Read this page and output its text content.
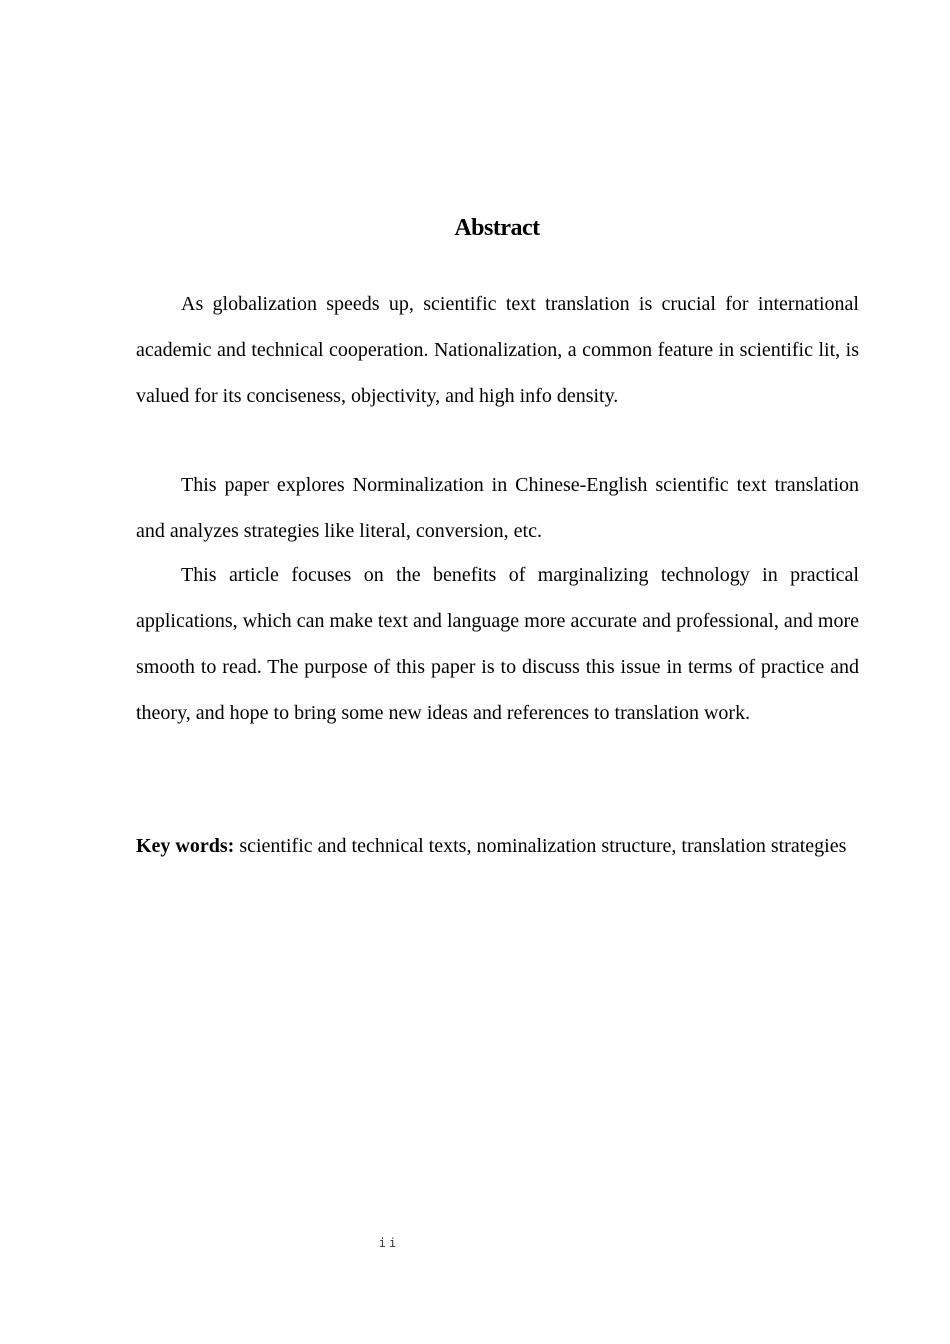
Abstract

As globalization speeds up, scientific text translation is crucial for international academic and technical cooperation. Nationalization, a common feature in scientific lit, is valued for its conciseness, objectivity, and high info density.

This paper explores Norminalization in Chinese-English scientific text translation and analyzes strategies like literal, conversion, etc.

This article focuses on the benefits of marginalizing technology in practical applications, which can make text and language more accurate and professional, and more smooth to read. The purpose of this paper is to discuss this issue in terms of practice and theory, and hope to bring some new ideas and references to translation work.

Key words: scientific and technical texts, nominalization structure, translation strategies

ii
